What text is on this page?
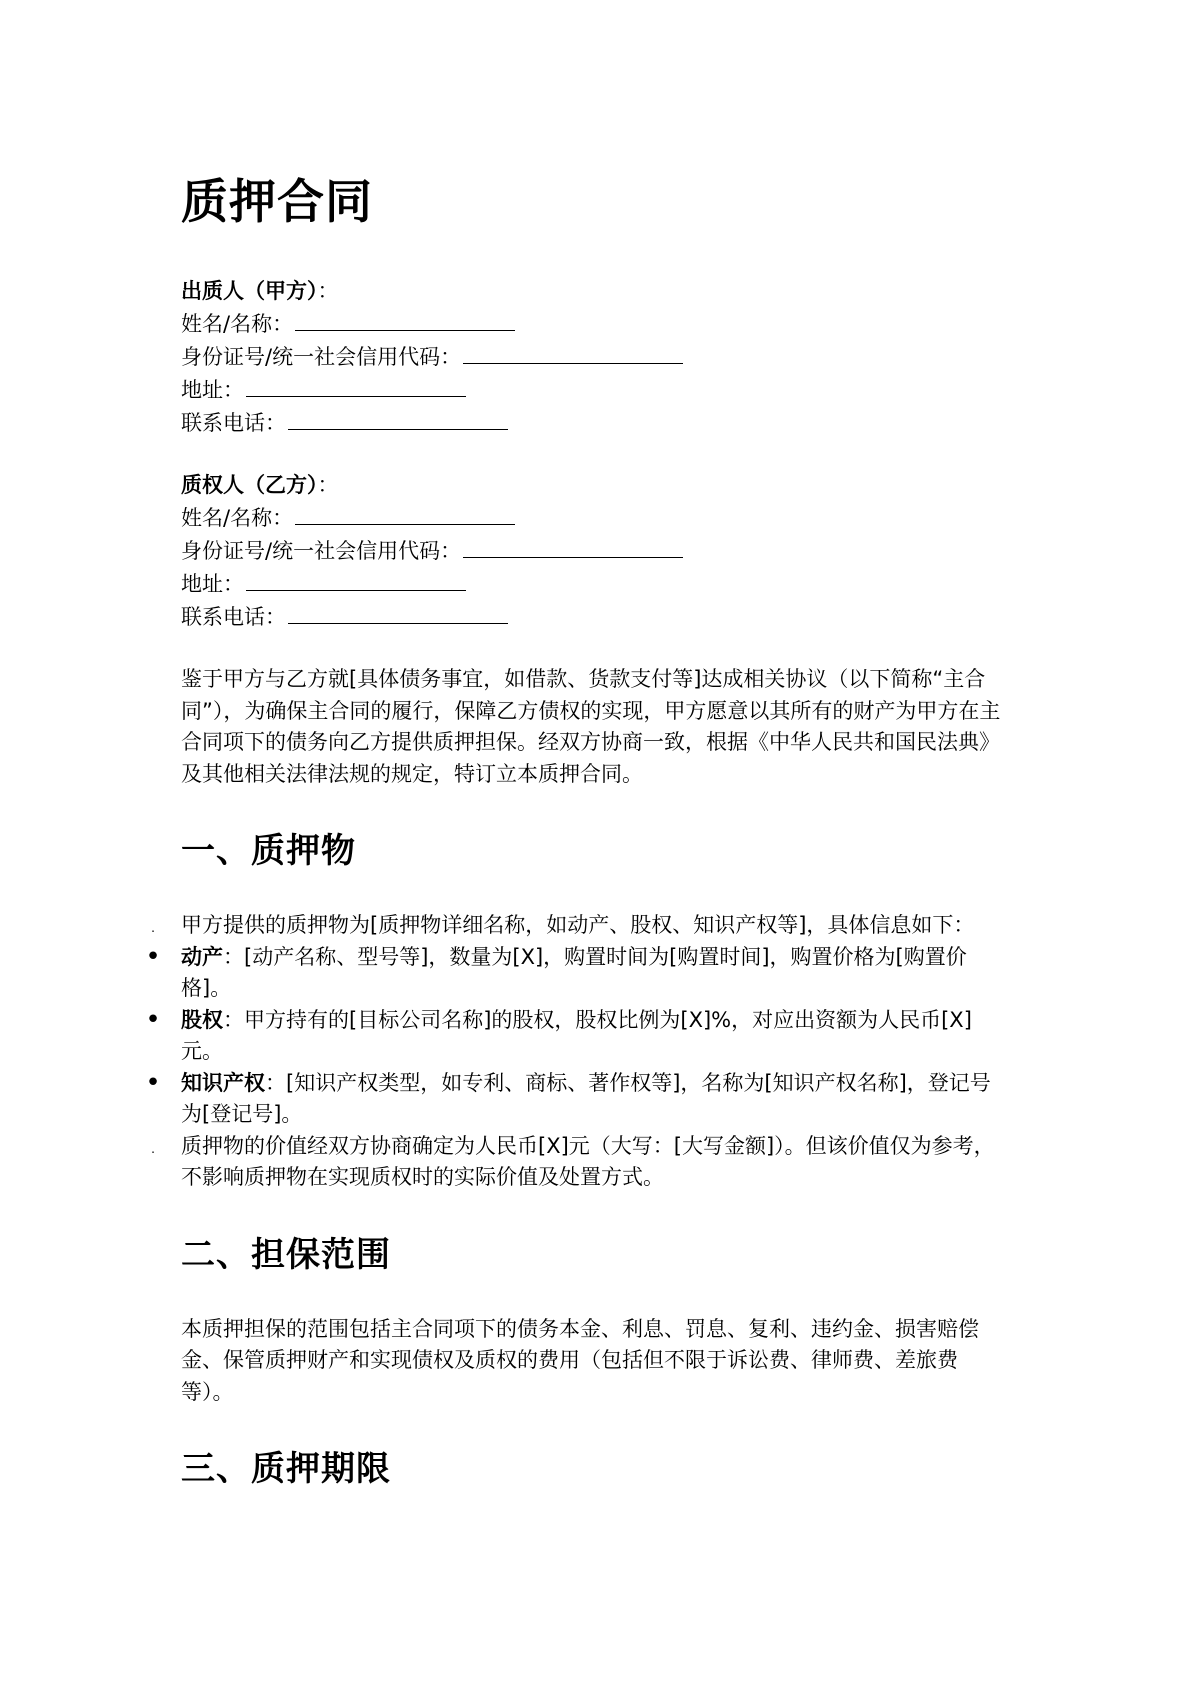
质押合同
出质人（甲方）：
姓名/名称：
身份证号/统一社会信用代码：
地址：
联系电话：
质权人（乙方）：
姓名/名称：
身份证号/统一社会信用代码：
地址：
联系电话：

鉴于甲方与乙方就[具体债务事宜，如借款、货款支付等]达成相关协议（以下简称“主合同”），为确保主合同的履行，保障乙方债权的实现，甲方愿意以其所有的财产为甲方在主合同项下的债务向乙方提供质押担保。经双方协商一致，根据《中华人民共和国民法典》及其他相关法律法规的规定，特订立本质押合同。

一、质押物
.	甲方提供的质押物为[质押物详细名称，如动产、股权、知识产权等]，具体信息如下：
• 动产：[动产名称、型号等]，数量为[X]，购置时间为[购置时间]，购置价格为[购置价格]。
• 股权：甲方持有的[目标公司名称]的股权，股权比例为[X]%，对应出资额为人民币[X]元。
• 知识产权：[知识产权类型，如专利、商标、著作权等]，名称为[知识产权名称]，登记号为[登记号]。
.	质押物的价值经双方协商确定为人民币[X]元（大写：[大写金额]）。但该价值仅为参考，不影响质押物在实现质权时的实际价值及处置方式。
二、担保范围

本质押担保的范围包括主合同项下的债务本金、利息、罚息、复利、违约金、损害赔偿金、保管质押财产和实现债权及质权的费用（包括但不限于诉讼费、律师费、差旅费等）。

三、质押期限
